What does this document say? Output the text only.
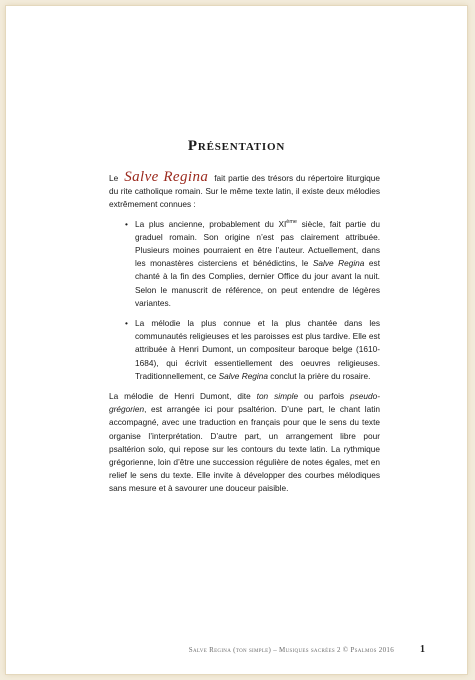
Présentation

Le Salve Regina fait partie des trésors du répertoire liturgique du rite catholique romain. Sur le même texte latin, il existe deux mélodies extrêmement connues :

• La plus ancienne, probablement du XIème siècle, fait partie du graduel romain. Son origine n’est pas clairement attribuée. Plusieurs moines pourraient en être l’auteur. Actuellement, dans les monastères cisterciens et bénédictins, le Salve Regina est chanté à la fin des Complies, dernier Office du jour avant la nuit. Selon le manuscrit de référence, on peut entendre de légères variantes.
• La mélodie la plus connue et la plus chantée dans les communautés religieuses et les paroisses est plus tardive. Elle est attribuée à Henri Dumont, un compositeur baroque belge (1610-1684), qui écrivit essentiellement des oeuvres religieuses. Traditionnellement, ce Salve Regina conclut la prière du rosaire.

La mélodie de Henri Dumont, dite ton simple ou parfois pseudo-grégorien, est arrangée ici pour psaltérion. D’une part, le chant latin accompagné, avec une traduction en français pour que le sens du texte organise l’interprétation. D’autre part, un arrangement libre pour psaltérion solo, qui repose sur les contours du texte latin. La rythmique grégorienne, loin d’être une succession régulière de notes égales, met en relief le sens du texte. Elle invite à développer des courbes mélodiques sans mesure et à savourer une douceur paisible.

Salve Regina (ton simple) – Musiques sacrées 2 © Psalmos 2016	1
